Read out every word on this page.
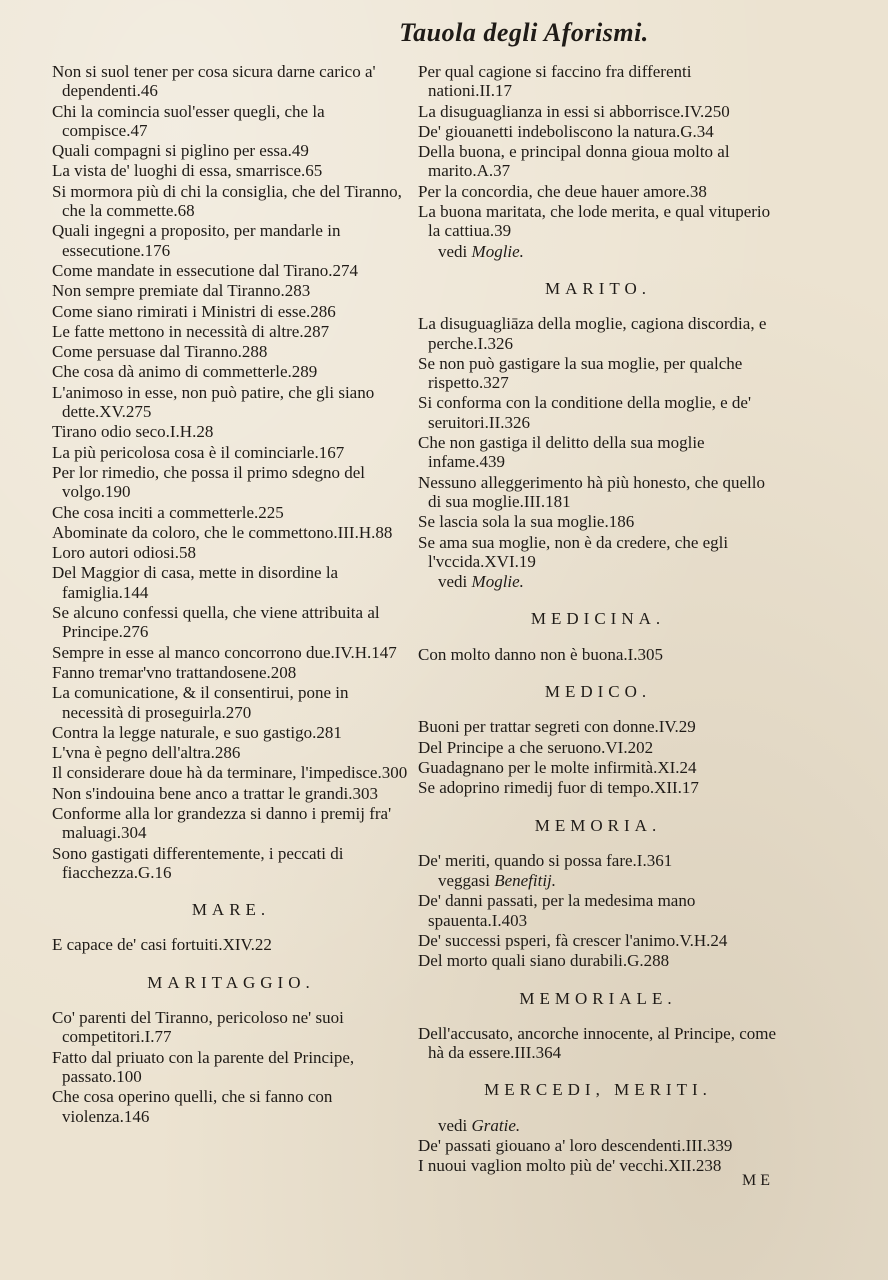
Tauola degli Aforismi.
Non si suol tener per cosa sicura darne carico a' dependenti.46
Chi la comincia suol'esser quegli, che la compisce.47
Quali compagni si piglino per essa.49
La vista de' luoghi di essa, smarrisce.65
Si mormora più di chi la consiglia, che del Tiranno, che la commette.68
Quali ingegni a proposito, per mandarle in essecutione.176
Come mandate in essecutione dal Tirano.274
Non sempre premiate dal Tiranno.283
Come siano rimirati i Ministri di esse.286
Le fatte mettono in necessità di altre.287
Come persuase dal Tiranno.288
Che cosa dà animo di commetterle.289
L'animoso in esse, non può patire, che gli siano dette.XV.275
Tirano odio seco.I.H.28
La più pericolosa cosa è il cominciarle.167
Per lor rimedio, che possa il primo sdegno del volgo.190
Che cosa inciti a commetterle.225
Abominate da coloro, che le commettono.III.H.88
Loro autori odiosi.58
Del Maggior di casa, mette in disordine la famiglia.144
Se alcuno confessi quella, che viene attribuita al Principe.276
Sempre in esse al manco concorrono due.IV.H.147
Fanno tremar'vno trattandosene.208
La comunicatione, & il consentirui, pone in necessità di proseguirla.270
Contra la legge naturale, e suo gastigo.281
L'vna è pegno dell'altra.286
Il considerare doue hà da terminare, l'impedisce.300
Non s'indouina bene anco a trattar le grandi.303
Conforme alla lor grandezza si danno i premij fra' maluagi.304
Sono gastigati differentemente, i peccati di fiacchezza.G.16
MARE.
E capace de' casi fortuiti.XIV.22
MARITAGGIO.
Co' parenti del Tiranno, pericoloso ne' suoi competitori.I.77
Fatto dal priuato con la parente del Principe, passato.100
Che cosa operino quelli, che si fanno con violenza.146
Per qual cagione si faccino fra differenti nationi.II.17
La disuguaglianza in essi si abborrisce.IV.250
De' giouanetti indeboliscono la natura.G.34
Della buona, e principal donna gioua molto al marito.A.37
Per la concordia, che deue hauer amore.38
La buona maritata, che lode merita, e qual vituperio la cattiua.39
vedi Moglie.
MARITO.
La disuguagliāza della moglie, cagiona discordia, e perche.I.326
Se non può gastigare la sua moglie, per qualche rispetto.327
Si conforma con la conditione della moglie, e de' seruitori.II.326
Che non gastiga il delitto della sua moglie infame.439
Nessuno alleggerimento hà più honesto, che quello di sua moglie.III.181
Se lascia sola la sua moglie.186
Se ama sua moglie, non è da credere, che egli l'vccida.XVI.19
vedi Moglie.
MEDICINA.
Con molto danno non è buona.I.305
MEDICO.
Buoni per trattar segreti con donne.IV.29
Del Principe a che seruono.VI.202
Guadagnano per le molte infirmità.XI.24
Se adoprino rimedij fuor di tempo.XII.17
MEMORIA.
De' meriti, quando si possa fare.I.361
veggasi Benefitij.
De' danni passati, per la medesima mano spauenta.I.403
De' successi psperi, fà crescer l'animo.V.H.24
Del morto quali siano durabili.G.288
MEMORIALE.
Dell'accusato, ancorche innocente, al Principe, come hà da essere.III.364
MERCEDI, MERITI.
vedi Gratie.
De' passati giouano a' loro descendenti.III.339
I nuoui vaglion molto più de' vecchi.XII.238
M E
